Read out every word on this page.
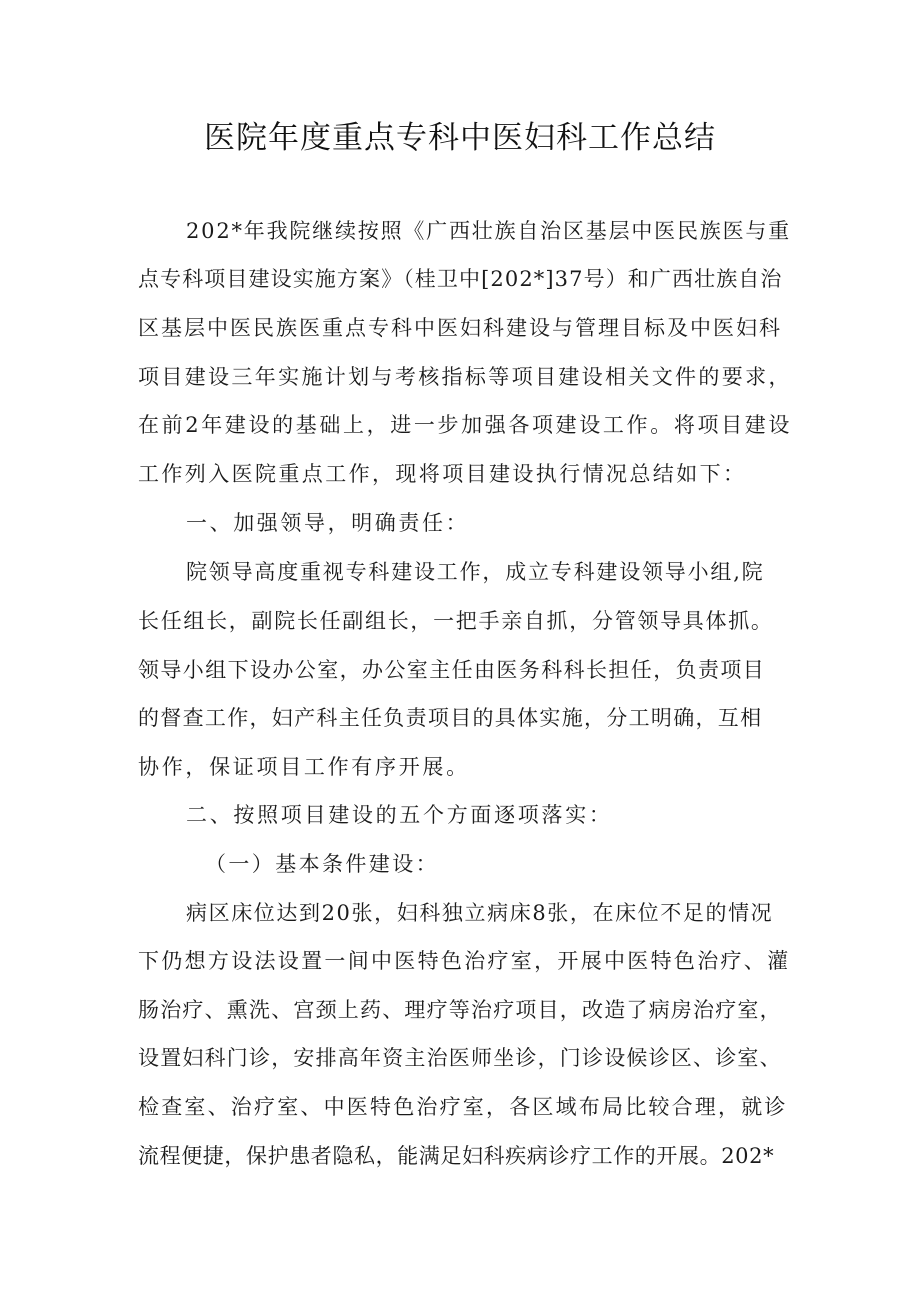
医院年度重点专科中医妇科工作总结
202*年我院继续按照《广西壮族自治区基层中医民族医与重
点专科项目建设实施方案》（桂卫中[202*]37号）和广西壮族自治
区基层中医民族医重点专科中医妇科建设与管理目标及中医妇科
项目建设三年实施计划与考核指标等项目建设相关文件的要求，
在前2年建设的基础上，进一步加强各项建设工作。将项目建设
工作列入医院重点工作，现将项目建设执行情况总结如下：
一、加强领导，明确责任：
院领导高度重视专科建设工作，成立专科建设领导小组,院
长任组长，副院长任副组长，一把手亲自抓，分管领导具体抓。
领导小组下设办公室，办公室主任由医务科科长担任，负责项目
的督查工作，妇产科主任负责项目的具体实施，分工明确，互相
协作，保证项目工作有序开展。
二、按照项目建设的五个方面逐项落实：
（一）基本条件建设：
病区床位达到20张，妇科独立病床8张，在床位不足的情况
下仍想方设法设置一间中医特色治疗室，开展中医特色治疗、灌
肠治疗、熏洗、宫颈上药、理疗等治疗项目，改造了病房治疗室，
设置妇科门诊，安排高年资主治医师坐诊，门诊设候诊区、诊室、
检查室、治疗室、中医特色治疗室，各区域布局比较合理，就诊
流程便捷，保护患者隐私，能满足妇科疾病诊疗工作的开展。202*
